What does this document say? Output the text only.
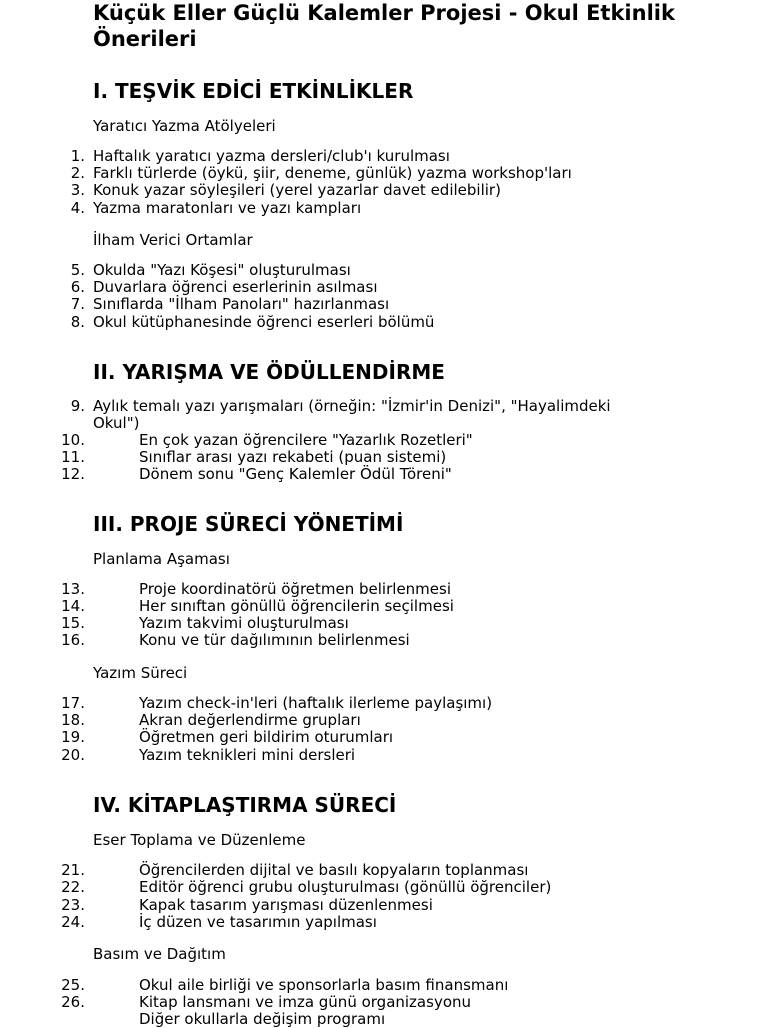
Küçük Eller Güçlü Kalemler Projesi - Okul Etkinlik Önerileri
I. TEŞVİK EDİCİ ETKİNLİKLER
Yaratıcı Yazma Atölyeleri
1. Haftalık yaratıcı yazma dersleri/club'ı kurulması
2. Farklı türlerde (öykü, şiir, deneme, günlük) yazma workshop'ları
3. Konuk yazar söyleşileri (yerel yazarlar davet edilebilir)
4. Yazma maratonları ve yazı kampları
İlham Verici Ortamlar
5. Okulda "Yazı Köşesi" oluşturulması
6. Duvarlara öğrenci eserlerinin asılması
7. Sınıflarda "İlham Panoları" hazırlanması
8. Okul kütüphanesinde öğrenci eserleri bölümü
II. YARIŞMA VE ÖDÜLLENDİRME
9. Aylık temalı yazı yarışmaları (örneğin: "İzmir'in Denizi", "Hayalimdeki Okul")
10.	En çok yazan öğrencilere "Yazarlık Rozetleri"
11.	Sınıflar arası yazı rekabeti (puan sistemi)
12.	Dönem sonu "Genç Kalemler Ödül Töreni"
III. PROJE SÜRECİ YÖNETİMİ
Planlama Aşaması
13.	Proje koordinatörü öğretmen belirlenmesi
14.	Her sınıftan gönüllü öğrencilerin seçilmesi
15.	Yazım takvimi oluşturulması
16.	Konu ve tür dağılımının belirlenmesi
Yazım Süreci
17.	Yazım check-in'leri (haftalık ilerleme paylaşımı)
18.	Akran değerlendirme grupları
19.	Öğretmen geri bildirim oturumları
20.	Yazım teknikleri mini dersleri
IV. KİTAPLAŞTIRMA SÜRECİ
Eser Toplama ve Düzenleme
21.	Öğrencilerden dijital ve basılı kopyaların toplanması
22.	Editör öğrenci grubu oluşturulması (gönüllü öğrenciler)
23.	Kapak tasarım yarışması düzenlenmesi
24.	İç düzen ve tasarımın yapılması
Basım ve Dağıtım
25.	Okul aile birliği ve sponsorlarla basım finansmanı
26.	Kitap lansmanı ve imza günü organizasyonu
Diğer okullarla değişim programı
